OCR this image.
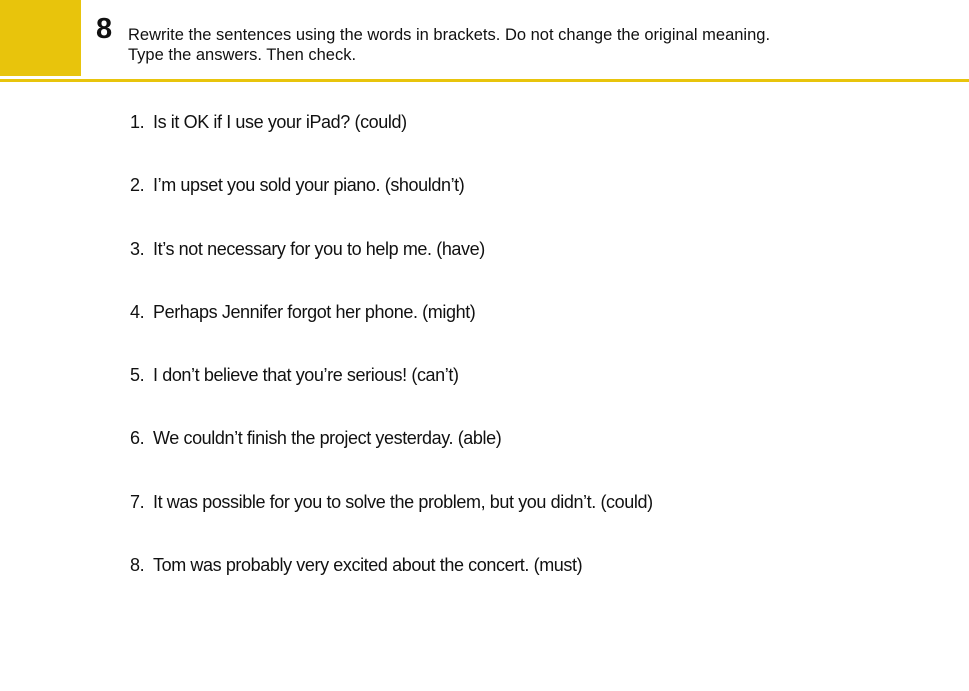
8 Rewrite the sentences using the words in brackets. Do not change the original meaning.
Type the answers. Then check.
1. Is it OK if I use your iPad? (could)
2. I’m upset you sold your piano. (shouldn’t)
3. It’s not necessary for you to help me. (have)
4. Perhaps Jennifer forgot her phone. (might)
5. I don’t believe that you’re serious! (can’t)
6. We couldn’t finish the project yesterday. (able)
7. It was possible for you to solve the problem, but you didn’t. (could)
8. Tom was probably very excited about the concert. (must)
